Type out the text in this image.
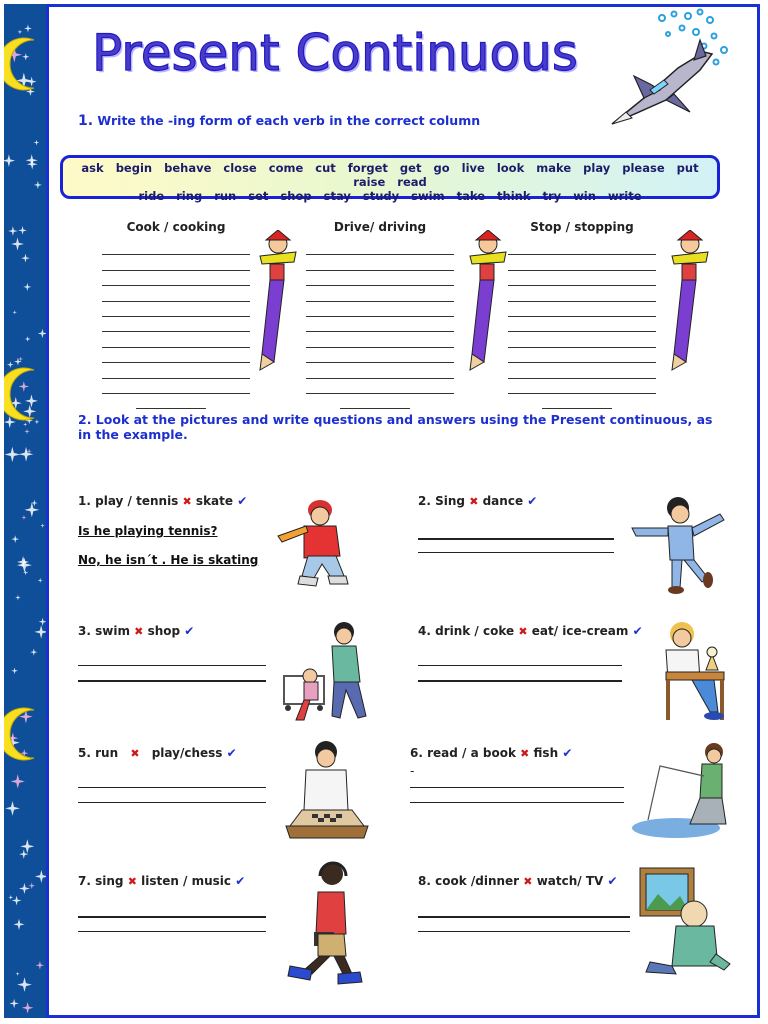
Present Continuous

1. Write the -ing form of each verb in the correct column

ask begin behave close come cut forget get go live look make play please put raise read
ride ring run set shop stay study swim take think try win write
Cook / cooking	Drive/ driving	Stop / stopping

2. Look at the pictures and write questions and answers using the Present continuous, as in the example.

1. play / tennis ✖ skate ✔
Is he playing tennis?
No, he isn´t . He is skating
2. Sing ✖ dance ✔
3. swim ✖ shop ✔	4. drink / coke ✖ eat/ ice-cream ✔
5. run ✖ play/chess ✔	6. read / a book ✖ fish ✔
-
7. sing ✖ listen / music ✔	8. cook /dinner ✖ watch/ TV ✔
